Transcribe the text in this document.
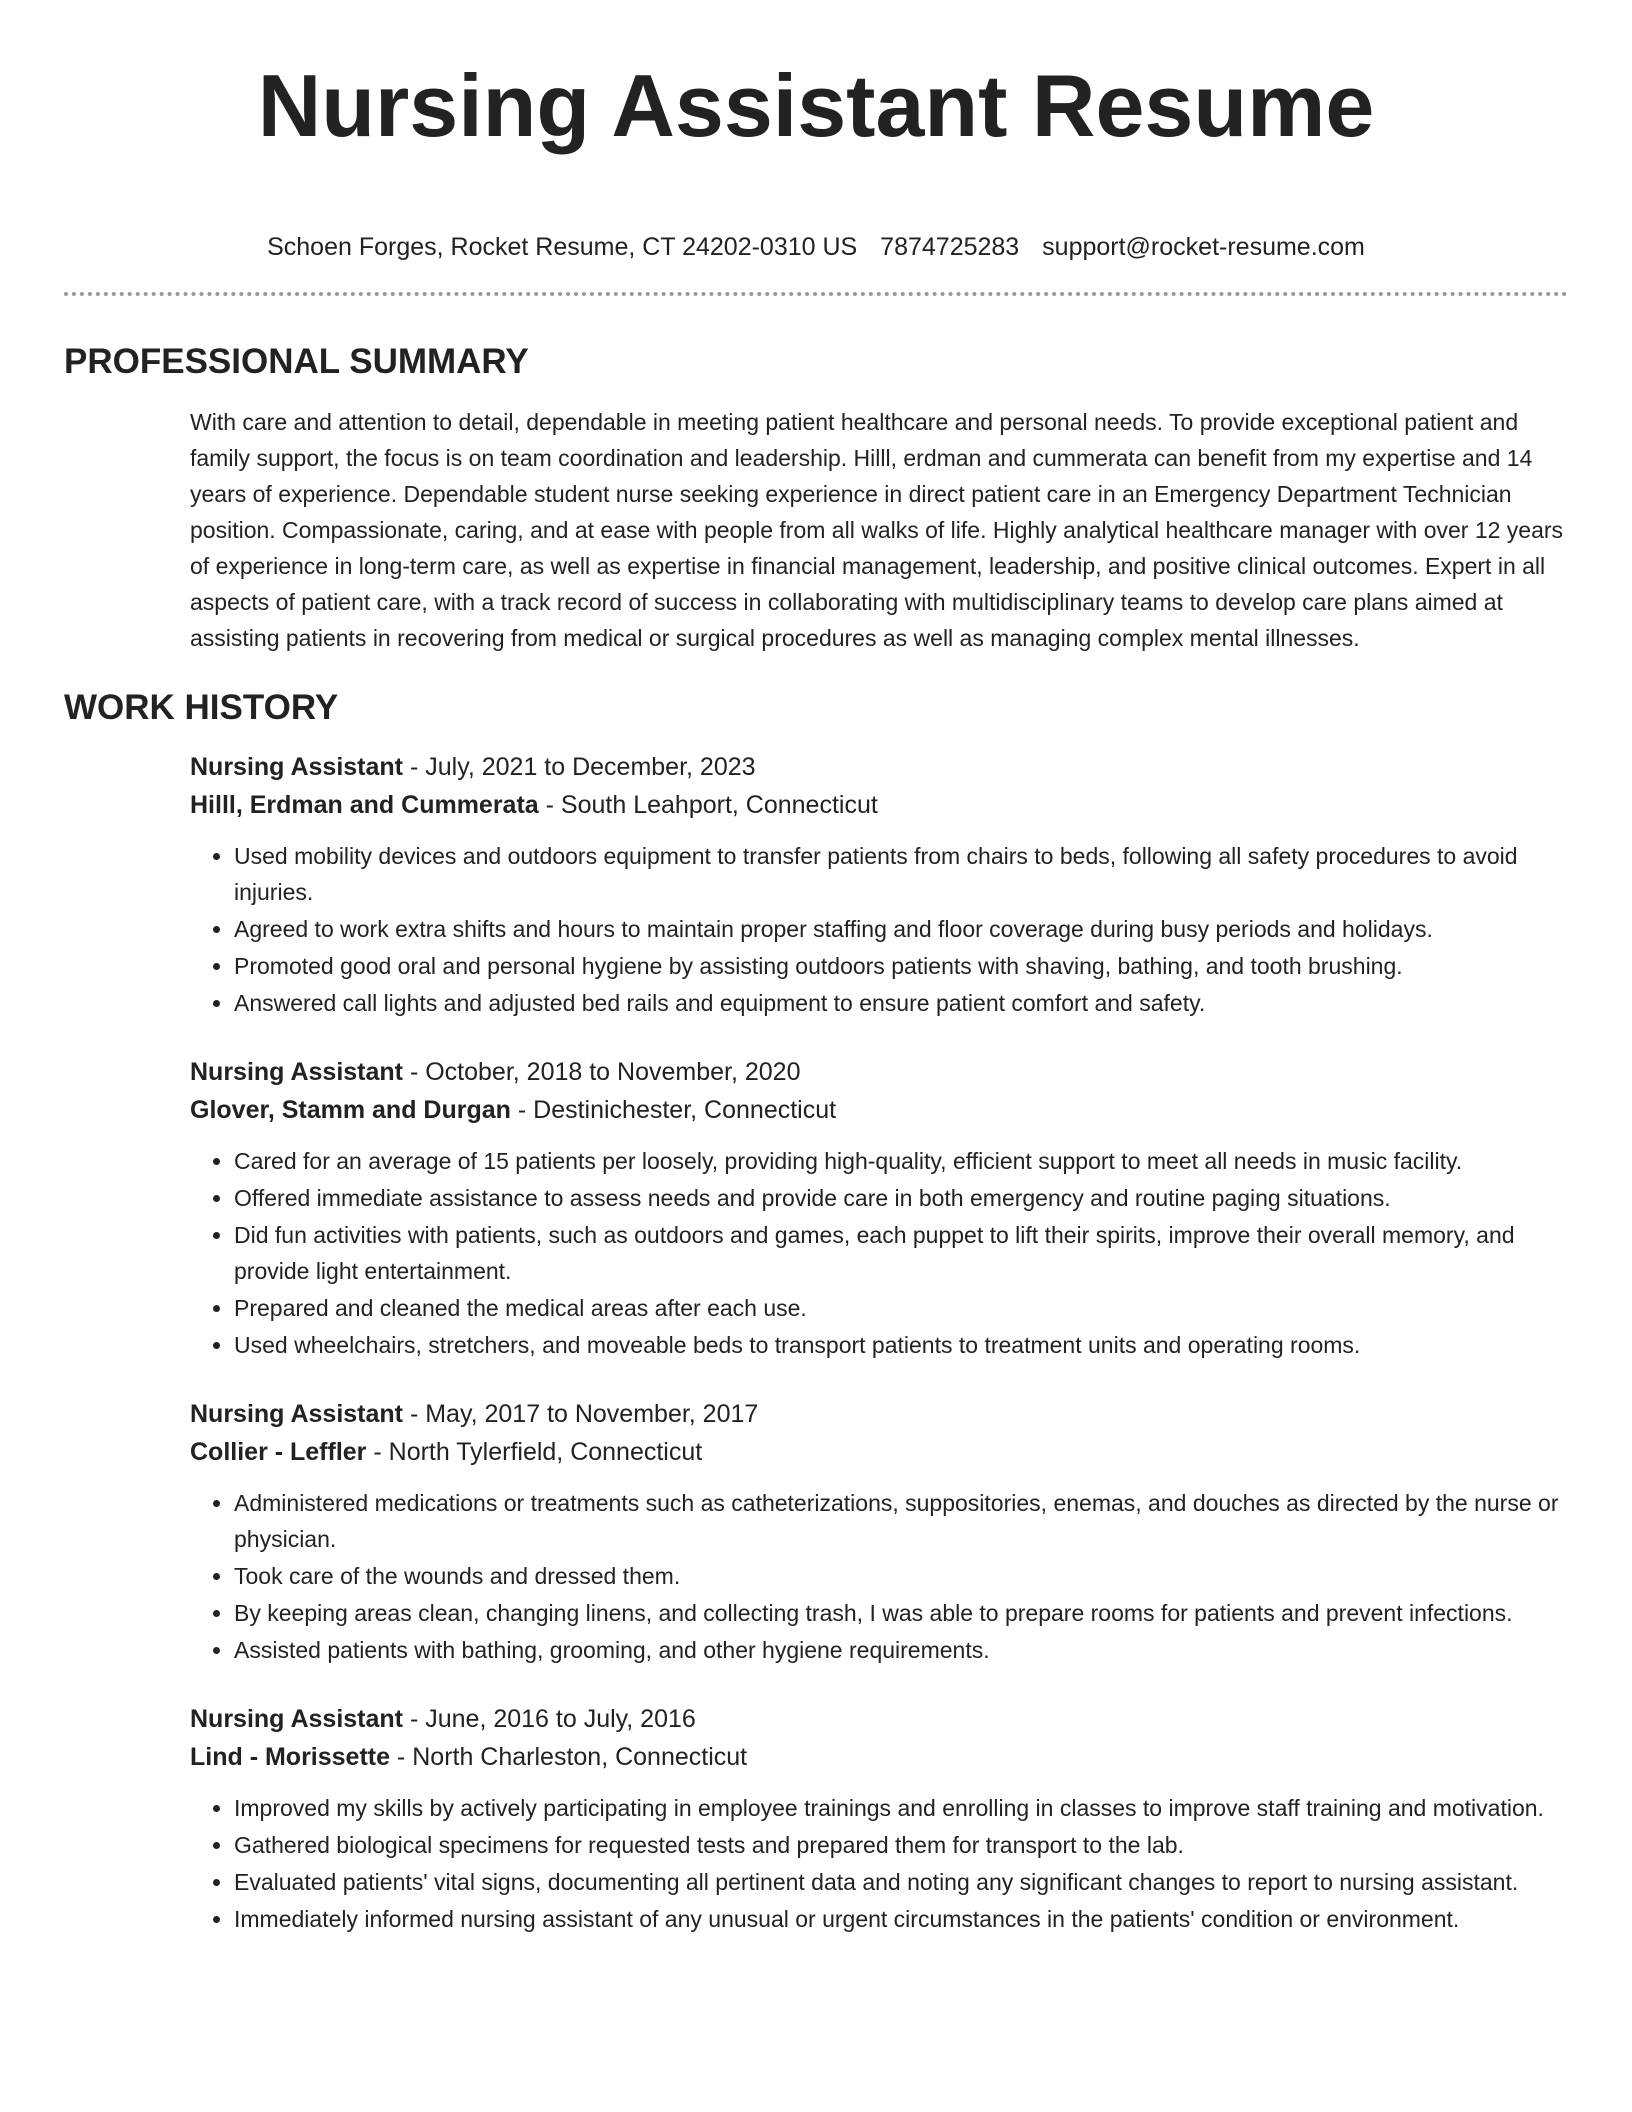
Nursing Assistant Resume
Schoen Forges, Rocket Resume, CT 24202-0310 US 7874725283 support@rocket-resume.com
PROFESSIONAL SUMMARY

With care and attention to detail, dependable in meeting patient healthcare and personal needs. To provide exceptional patient and family support, the focus is on team coordination and leadership. Hilll, erdman and cummerata can benefit from my expertise and 14 years of experience. Dependable student nurse seeking experience in direct patient care in an Emergency Department Technician position. Compassionate, caring, and at ease with people from all walks of life. Highly analytical healthcare manager with over 12 years of experience in long-term care, as well as expertise in financial management, leadership, and positive clinical outcomes. Expert in all aspects of patient care, with a track record of success in collaborating with multidisciplinary teams to develop care plans aimed at assisting patients in recovering from medical or surgical procedures as well as managing complex mental illnesses.

WORK HISTORY

Nursing Assistant - July, 2021 to December, 2023

Hilll, Erdman and Cummerata - South Leahport, Connecticut

• Used mobility devices and outdoors equipment to transfer patients from chairs to beds, following all safety procedures to avoid injuries.
• Agreed to work extra shifts and hours to maintain proper staffing and floor coverage during busy periods and holidays.
• Promoted good oral and personal hygiene by assisting outdoors patients with shaving, bathing, and tooth brushing.
• Answered call lights and adjusted bed rails and equipment to ensure patient comfort and safety.

Nursing Assistant - October, 2018 to November, 2020

Glover, Stamm and Durgan - Destinichester, Connecticut

• Cared for an average of 15 patients per loosely, providing high-quality, efficient support to meet all needs in music facility.
• Offered immediate assistance to assess needs and provide care in both emergency and routine paging situations.
• Did fun activities with patients, such as outdoors and games, each puppet to lift their spirits, improve their overall memory, and provide light entertainment.
• Prepared and cleaned the medical areas after each use.
• Used wheelchairs, stretchers, and moveable beds to transport patients to treatment units and operating rooms.

Nursing Assistant - May, 2017 to November, 2017

Collier - Leffler - North Tylerfield, Connecticut

• Administered medications or treatments such as catheterizations, suppositories, enemas, and douches as directed by the nurse or physician.
• Took care of the wounds and dressed them.
• By keeping areas clean, changing linens, and collecting trash, I was able to prepare rooms for patients and prevent infections.
• Assisted patients with bathing, grooming, and other hygiene requirements.

Nursing Assistant - June, 2016 to July, 2016

Lind - Morissette - North Charleston, Connecticut

• Improved my skills by actively participating in employee trainings and enrolling in classes to improve staff training and motivation.
• Gathered biological specimens for requested tests and prepared them for transport to the lab.
• Evaluated patients' vital signs, documenting all pertinent data and noting any significant changes to report to nursing assistant.
• Immediately informed nursing assistant of any unusual or urgent circumstances in the patients' condition or environment.
